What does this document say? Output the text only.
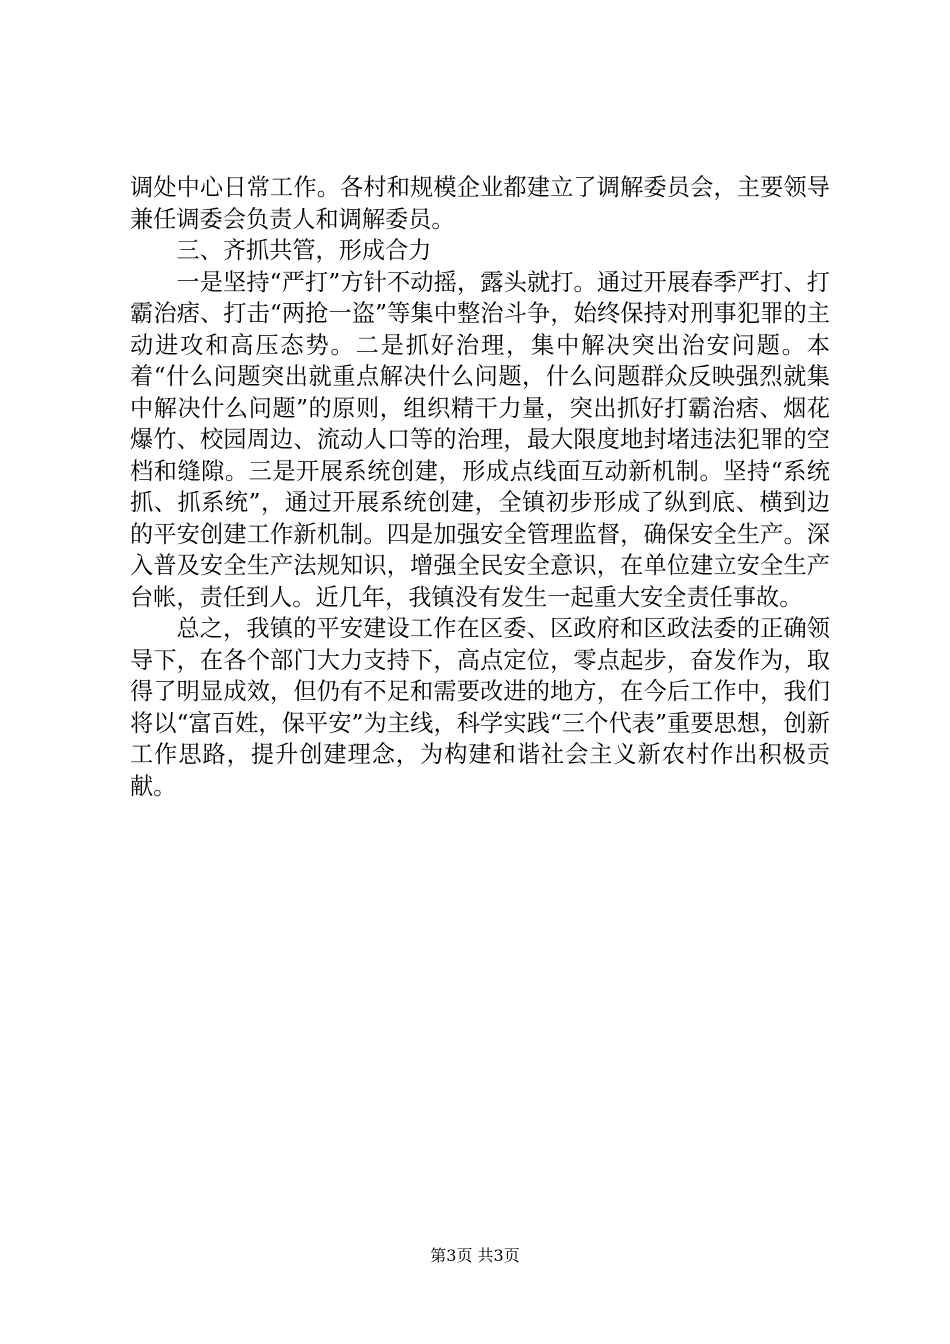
调处中心日常工作。各村和规模企业都建立了调解委员会，主要领导兼任调委会负责人和调解委员。

三、齐抓共管，形成合力

一是坚持“严打”方针不动摇，露头就打。通过开展春季严打、打霸治痞、打击“两抢一盗”等集中整治斗争，始终保持对刑事犯罪的主动进攻和高压态势。二是抓好治理，集中解决突出治安问题。本着“什么问题突出就重点解决什么问题，什么问题群众反映强烈就集中解决什么问题”的原则，组织精干力量，突出抓好打霸治痞、烟花爆竹、校园周边、流动人口等的治理，最大限度地封堵违法犯罪的空档和缝隙。三是开展系统创建，形成点线面互动新机制。坚持“系统抓、抓系统”，通过开展系统创建，全镇初步形成了纵到底、横到边的平安创建工作新机制。四是加强安全管理监督，确保安全生产。深入普及安全生产法规知识，增强全民安全意识，在单位建立安全生产台帐，责任到人。近几年，我镇没有发生一起重大安全责任事故。

总之，我镇的平安建设工作在区委、区政府和区政法委的正确领导下，在各个部门大力支持下，高点定位，零点起步，奋发作为，取得了明显成效，但仍有不足和需要改进的地方，在今后工作中，我们将以“富百姓，保平安”为主线，科学实践“三个代表”重要思想，创新工作思路，提升创建理念，为构建和谐社会主义新农村作出积极贡献。

第3页 共3页
